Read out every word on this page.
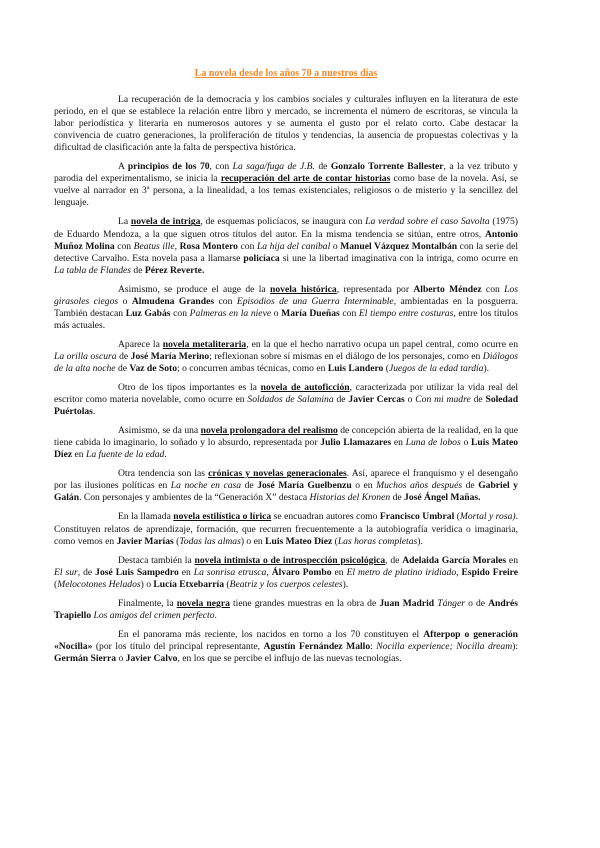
La novela desde los años 70 a nuestros días

La recuperación de la democracia y los cambios sociales y culturales influyen en la literatura de este periodo, en el que se establece la relación entre libro y mercado, se incrementa el número de escritoras, se vincula la labor periodística y literaria en numerosos autores y se aumenta el gusto por el relato corto. Cabe destacar la convivencia de cuatro generaciones, la proliferación de títulos y tendencias, la ausencia de propuestas colectivas y la dificultad de clasificación ante la falta de perspectiva histórica.

A principios de los 70, con La saga/fuga de J.B. de Gonzalo Torrente Ballester, a la vez tributo y parodia del experimentalismo, se inicia la recuperación del arte de contar historias como base de la novela. Así, se vuelve al narrador en 3ª persona, a la linealidad, a los temas existenciales, religiosos o de misterio y la sencillez del lenguaje.

La novela de intriga, de esquemas policíacos, se inaugura con La verdad sobre el caso Savolta (1975) de Eduardo Mendoza, a la que siguen otros títulos del autor. En la misma tendencia se sitúan, entre otros, Antonio Muñoz Molina con Beatus ille, Rosa Montero con La hija del caníbal o Manuel Vázquez Montalbán con la serie del detective Carvalho. Esta novela pasa a llamarse policíaca si une la libertad imaginativa con la intriga, como ocurre en La tabla de Flandes de Pérez Reverte.

Asimismo, se produce el auge de la novela histórica, representada por Alberto Méndez con Los girasoles ciegos o Almudena Grandes con Episodios de una Guerra Interminable, ambientadas en la posguerra. También destacan Luz Gabás con Palmeras en la nieve o María Dueñas con El tiempo entre costuras, entre los títulos más actuales.

Aparece la novela metaliteraria, en la que el hecho narrativo ocupa un papel central, como ocurre en La orilla oscura de José María Merino; reflexionan sobre sí mismas en el diálogo de los personajes, como en Diálogos de la alta noche de Vaz de Soto; o concurren ambas técnicas, como en Luis Landero (Juegos de la edad tardía).

Otro de los tipos importantes es la novela de autoficción, caracterizada por utilizar la vida real del escritor como materia novelable, como ocurre en Soldados de Salamina de Javier Cercas o Con mi madre de Soledad Puértolas.

Asimismo, se da una novela prolongadora del realismo de concepción abierta de la realidad, en la que tiene cabida lo imaginario, lo soñado y lo absurdo, representada por Julio Llamazares en Luna de lobos o Luis Mateo Díez en La fuente de la edad.

Otra tendencia son las crónicas y novelas generacionales. Así, aparece el franquismo y el desengaño por las ilusiones políticas en La noche en casa de José María Guelbenzu o en Muchos años después de Gabriel y Galán. Con personajes y ambientes de la “Generación X” destaca Historias del Kronen de José Ángel Mañas.

En la llamada novela estilística o lírica se encuadran autores como Francisco Umbral (Mortal y rosa). Constituyen relatos de aprendizaje, formación, que recurren frecuentemente a la autobiografía verídica o imaginaria, como vemos en Javier Marías (Todas las almas) o en Luis Mateo Díez (Las horas completas).

Destaca también la novela intimista o de introspección psicológica, de Adelaida García Morales en El sur, de José Luis Sampedro en La sonrisa etrusca, Álvaro Pombo en El metro de platino iridiado, Espido Freire (Melocotones Helados) o Lucía Etxebarría (Beatriz y los cuerpos celestes).

Finalmente, la novela negra tiene grandes muestras en la obra de Juan Madrid Tánger o de Andrés Trapiello Los amigos del crimen perfecto.

En el panorama más reciente, los nacidos en torno a los 70 constituyen el Afterpop o generación «Nocilla» (por los título del principal representante, Agustín Fernández Mallo: Nocilla experience; Nocilla dream): Germán Sierra o Javier Calvo, en los que se percibe el influjo de las nuevas tecnologías.
